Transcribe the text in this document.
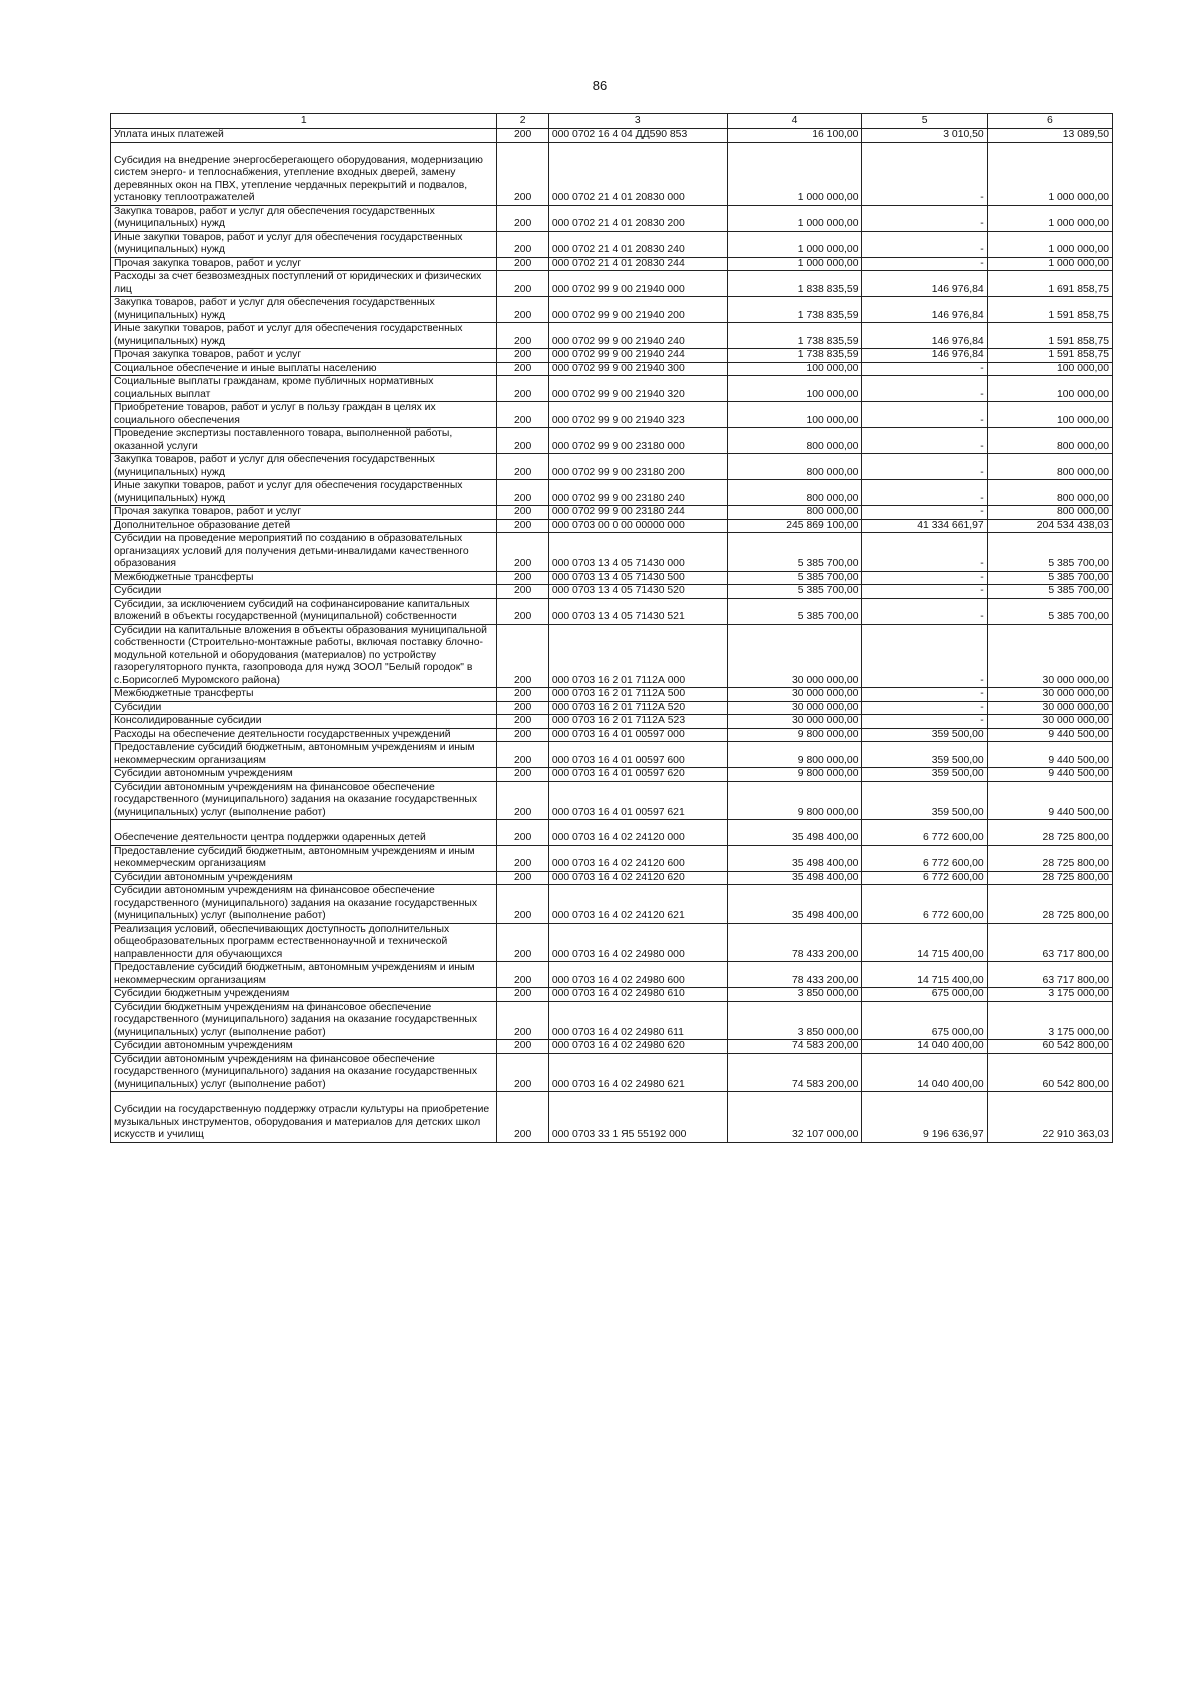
86
1	2	3	4	5	6
Уплата иных платежей	200	000 0702 16 4 04 ДД590 853	16 100,00	3 010,50	13 089,50
Субсидия на внедрение энергосберегающего оборудования, модернизацию систем энерго- и теплоснабжения, утепление входных дверей, замену деревянных окон на ПВХ, утепление чердачных перекрытий и подвалов, установку теплоотражателей	200	000 0702 21 4 01 20830 000	1 000 000,00	-	1 000 000,00
Закупка товаров, работ и услуг для обеспечения государственных (муниципальных) нужд	200	000 0702 21 4 01 20830 200	1 000 000,00	-	1 000 000,00
Иные закупки товаров, работ и услуг для обеспечения государственных (муниципальных) нужд	200	000 0702 21 4 01 20830 240	1 000 000,00	-	1 000 000,00
Прочая закупка товаров, работ и услуг	200	000 0702 21 4 01 20830 244	1 000 000,00	-	1 000 000,00
Расходы за счет безвозмездных поступлений от юридических и физических лиц	200	000 0702 99 9 00 21940 000	1 838 835,59	146 976,84	1 691 858,75
Закупка товаров, работ и услуг для обеспечения государственных (муниципальных) нужд	200	000 0702 99 9 00 21940 200	1 738 835,59	146 976,84	1 591 858,75
Иные закупки товаров, работ и услуг для обеспечения государственных (муниципальных) нужд	200	000 0702 99 9 00 21940 240	1 738 835,59	146 976,84	1 591 858,75
Прочая закупка товаров, работ и услуг	200	000 0702 99 9 00 21940 244	1 738 835,59	146 976,84	1 591 858,75
Социальное обеспечение и иные выплаты населению	200	000 0702 99 9 00 21940 300	100 000,00	-	100 000,00
Социальные выплаты гражданам, кроме публичных нормативных социальных выплат	200	000 0702 99 9 00 21940 320	100 000,00	-	100 000,00
Приобретение товаров, работ и услуг в пользу граждан в целях их социального обеспечения	200	000 0702 99 9 00 21940 323	100 000,00	-	100 000,00
Проведение экспертизы поставленного товара, выполненной работы, оказанной услуги	200	000 0702 99 9 00 23180 000	800 000,00	-	800 000,00
Закупка товаров, работ и услуг для обеспечения государственных (муниципальных) нужд	200	000 0702 99 9 00 23180 200	800 000,00	-	800 000,00
Иные закупки товаров, работ и услуг для обеспечения государственных (муниципальных) нужд	200	000 0702 99 9 00 23180 240	800 000,00	-	800 000,00
Прочая закупка товаров, работ и услуг	200	000 0702 99 9 00 23180 244	800 000,00	-	800 000,00
Дополнительное образование детей	200	000 0703 00 0 00 00000 000	245 869 100,00	41 334 661,97	204 534 438,03
Субсидии на проведение мероприятий по созданию в образовательных организациях условий для получения детьми-инвалидами качественного образования	200	000 0703 13 4 05 71430 000	5 385 700,00	-	5 385 700,00
Межбюджетные трансферты	200	000 0703 13 4 05 71430 500	5 385 700,00	-	5 385 700,00
Субсидии	200	000 0703 13 4 05 71430 520	5 385 700,00	-	5 385 700,00
Субсидии, за исключением субсидий на софинансирование капитальных вложений в объекты государственной (муниципальной) собственности	200	000 0703 13 4 05 71430 521	5 385 700,00	-	5 385 700,00
Субсидии на капитальные вложения в объекты образования муниципальной собственности (Строительно-монтажные работы, включая поставку блочно-модульной котельной и оборудования (материалов) по устройству газорегуляторного пункта, газопровода для нужд ЗООЛ "Белый городок" в с.Борисоглеб Муромского района)	200	000 0703 16 2 01 7112А 000	30 000 000,00	-	30 000 000,00
Межбюджетные трансферты	200	000 0703 16 2 01 7112А 500	30 000 000,00	-	30 000 000,00
Субсидии	200	000 0703 16 2 01 7112А 520	30 000 000,00	-	30 000 000,00
Консолидированные субсидии	200	000 0703 16 2 01 7112А 523	30 000 000,00	-	30 000 000,00
Расходы на обеспечение деятельности государственных учреждений	200	000 0703 16 4 01 00597 000	9 800 000,00	359 500,00	9 440 500,00
Предоставление субсидий бюджетным, автономным учреждениям и иным некоммерческим организациям	200	000 0703 16 4 01 00597 600	9 800 000,00	359 500,00	9 440 500,00
Субсидии автономным учреждениям	200	000 0703 16 4 01 00597 620	9 800 000,00	359 500,00	9 440 500,00
Субсидии автономным учреждениям на финансовое обеспечение государственного (муниципального) задания на оказание государственных (муниципальных) услуг (выполнение работ)	200	000 0703 16 4 01 00597 621	9 800 000,00	359 500,00	9 440 500,00
Обеспечение деятельности центра поддержки одаренных детей	200	000 0703 16 4 02 24120 000	35 498 400,00	6 772 600,00	28 725 800,00
Предоставление субсидий бюджетным, автономным учреждениям и иным некоммерческим организациям	200	000 0703 16 4 02 24120 600	35 498 400,00	6 772 600,00	28 725 800,00
Субсидии автономным учреждениям	200	000 0703 16 4 02 24120 620	35 498 400,00	6 772 600,00	28 725 800,00
Субсидии автономным учреждениям на финансовое обеспечение государственного (муниципального) задания на оказание государственных (муниципальных) услуг (выполнение работ)	200	000 0703 16 4 02 24120 621	35 498 400,00	6 772 600,00	28 725 800,00
Реализация условий, обеспечивающих доступность дополнительных общеобразовательных программ естественнонаучной и технической направленности для обучающихся	200	000 0703 16 4 02 24980 000	78 433 200,00	14 715 400,00	63 717 800,00
Предоставление субсидий бюджетным, автономным учреждениям и иным некоммерческим организациям	200	000 0703 16 4 02 24980 600	78 433 200,00	14 715 400,00	63 717 800,00
Субсидии бюджетным учреждениям	200	000 0703 16 4 02 24980 610	3 850 000,00	675 000,00	3 175 000,00
Субсидии бюджетным учреждениям на финансовое обеспечение государственного (муниципального) задания на оказание государственных (муниципальных) услуг (выполнение работ)	200	000 0703 16 4 02 24980 611	3 850 000,00	675 000,00	3 175 000,00
Субсидии автономным учреждениям	200	000 0703 16 4 02 24980 620	74 583 200,00	14 040 400,00	60 542 800,00
Субсидии автономным учреждениям на финансовое обеспечение государственного (муниципального) задания на оказание государственных (муниципальных) услуг (выполнение работ)	200	000 0703 16 4 02 24980 621	74 583 200,00	14 040 400,00	60 542 800,00
Субсидии на государственную поддержку отрасли культуры на приобретение музыкальных инструментов, оборудования и материалов для детских школ искусств и училищ	200	000 0703 33 1 Я5 55192 000	32 107 000,00	9 196 636,97	22 910 363,03
